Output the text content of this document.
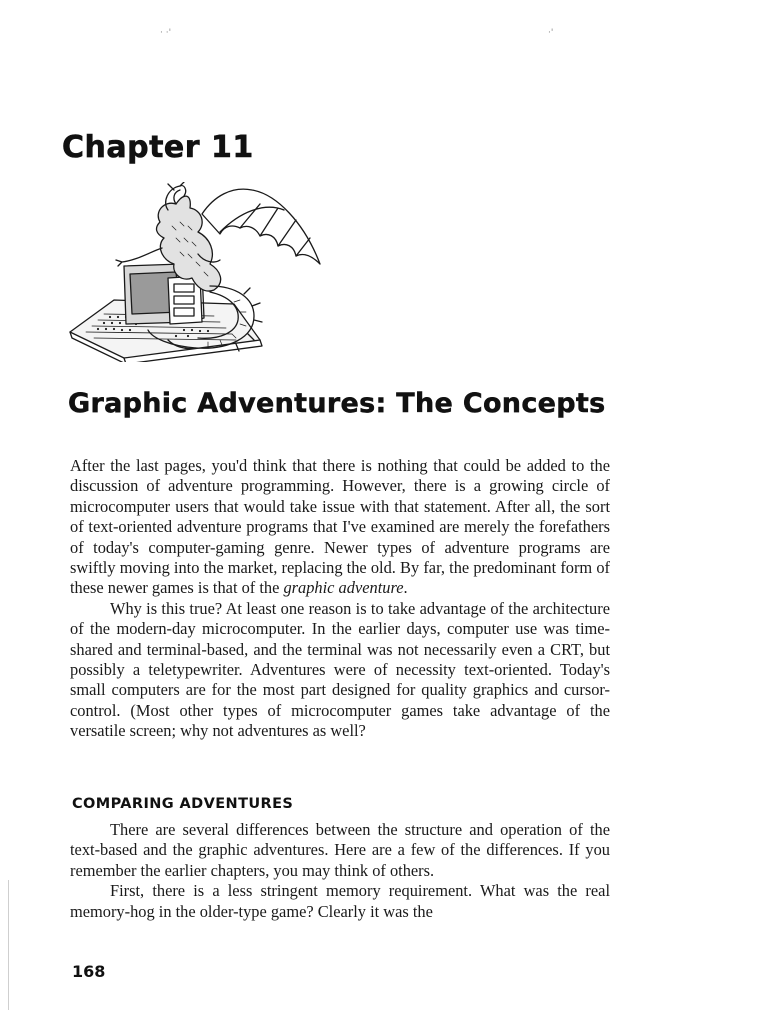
· ·'	·'
Chapter 11
Graphic Adventures: The Concepts

After the last pages, you'd think that there is nothing that could be added to the discussion of adventure programming. However, there is a growing circle of microcomputer users that would take issue with that statement. After all, the sort of text-oriented adventure programs that I've examined are merely the forefathers of today's computer-gaming genre. Newer types of adventure programs are swiftly moving into the market, replacing the old. By far, the predominant form of these newer games is that of the graphic adventure.

Why is this true? At least one reason is to take advantage of the architecture of the modern-day microcomputer. In the earlier days, computer use was time-shared and terminal-based, and the terminal was not necessarily even a CRT, but possibly a teletypewriter. Adventures were of necessity text-oriented. Today's small computers are for the most part designed for quality graphics and cursor-control. (Most other types of microcomputer games take advantage of the versatile screen; why not adventures as well?

COMPARING ADVENTURES

There are several differences between the structure and operation of the text-based and the graphic adventures. Here are a few of the differences. If you remember the earlier chapters, you may think of others.

First, there is a less stringent memory requirement. What was the real memory-hog in the older-type game? Clearly it was the

168
